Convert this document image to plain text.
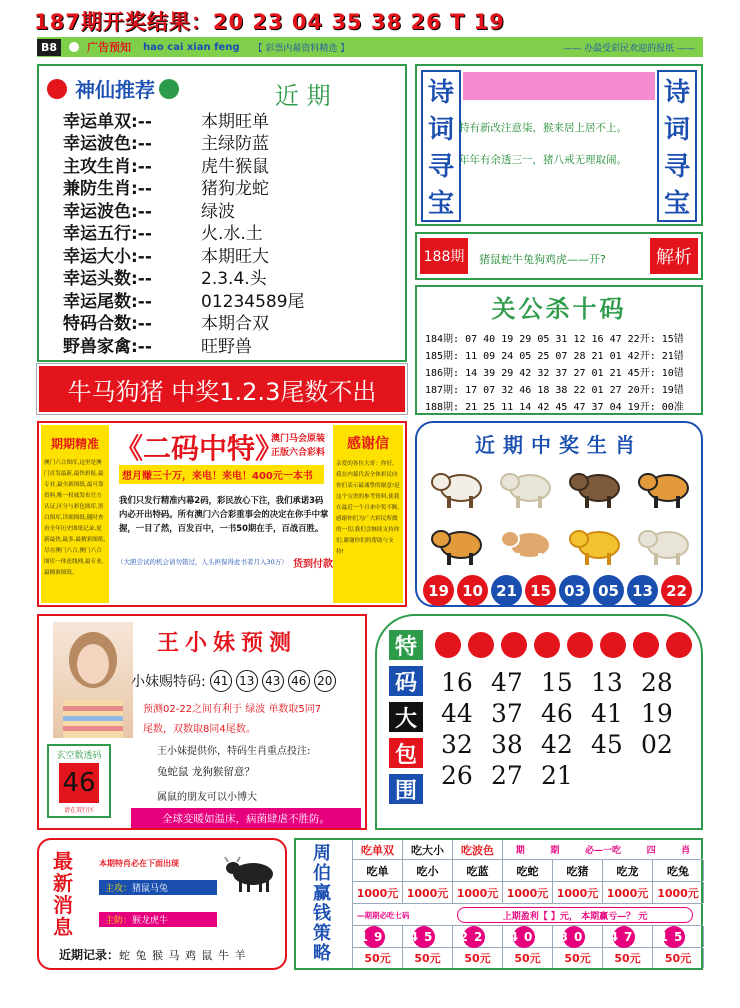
187期开奖结果：20 23 04 35 38 26 T 19
B8	广告预知 hao cai xian feng 【 彩票内幕资料精选 】	—— 办最受彩民欢迎的报纸 ——
神仙推荐	近 期
幸运单双:--	本期旺单
幸运波色:--	主绿防蓝
主攻生肖:--	虎牛猴鼠
兼防生肖:--	猪狗龙蛇
幸运波色:--	绿波
幸运五行:--	火.水.土
幸运大小:--	本期旺大
幸运头数:--	2.3.4.头
幸运尾数:--	01234589尾
特码合数:--	本期合双
野兽家禽:--	旺野兽
牛马狗猪 中奖1.2.3尾数不出
诗
词
寻
宝
诗
词
寻
宝
特有新改注意柒，猴来居上居不上。
年年有余透三一，猪八戒无理取闹。
188期	猪鼠蛇牛兔狗鸡虎——开?	解析
关公杀十码
184期: 07 40 19 29 05 31 12 16 47 22开: 15错
185期: 11 09 24 05 25 07 28 21 01 42开: 21错
186期: 14 39 29 42 32 37 27 01 21 45开: 10错
187期: 17 07 32 46 18 38 22 01 27 20开: 19错
188期: 21 25 11 14 42 45 47 37 04 19开: 00准
期期精准
澳门六合图库,这里是澳门首发最新,最快彩报,最专业,最全新图纸,最可靠资料,唯一权威发布官方认证,区分与彩色图库,黑白图库,详细图纸,随时查看全年历史图纸记录,更新最快,最多,最精彩图纸,尽在澳门六合,澳门六合图库一体连线网,最专业,最精准图纸。
《二码中特》
澳门马会原装
正版六合彩料
想月赚三十万，来电！来电！400元一本书
我们只发行精准内幕2码，彩民放心下注，我们承诺3码内必开出特码。所有澳门六合彩重事会的决定在你手中掌握，一目了然，百发百中，一书50期在手，百战百胜。
（大胆尝试的机会请勿错过，人头担保得此书者月入30万） 货到付款
感谢信
亲爱的各位大哥：你好。我在内幕代表全体彩民向你们表示最诚挚的谢意!是这个宝贵的参考资料,使我在最近一个月来中奖不断,感谢你们为广大彩民所做的一切,我们会继续支持你们,谢谢你们的帮助与支持!
近期中奖生肖
19 10 21 15 03 05 13 22
王小妹预测
小妹赐特码: 41 13 43 46 20
预测02-22之间有利于 绿波 单数取5同7
尾数，双数取8同4尾数。
玄空数透码
46
请在双行区
王小妹提供你，特码生肖重点投注:
兔蛇鼠 龙狗猴留意？
属鼠的朋友可以小博大
全球变暖如温床，病菌肆虐不胜防。
特
码
大
包
围
16 47 15 13 28
44 37 46 41 19
32 38 42 45 02
26 27 21
最
新
消
息
本期特肖必在下面出现
主攻： 猪鼠马兔
主防： 猴龙虎牛
近期记录：蛇 兔 猴 马 鸡 鼠 牛 羊
周
伯
赢
钱
策
略
吃单双	吃大小	吃波色	期	期	必—一吃	四	肖
吃单	吃小	吃蓝	吃蛇	吃猪	吃龙	吃兔
1000元 1000元 1000元 1000元 1000元 1000元 1000元
—期期必吃七码	上期盈利【 】元， 本期赢亏—？ 元
19 45 22 40 30 47 15
50元	50元	50元	50元	50元	50元	50元
